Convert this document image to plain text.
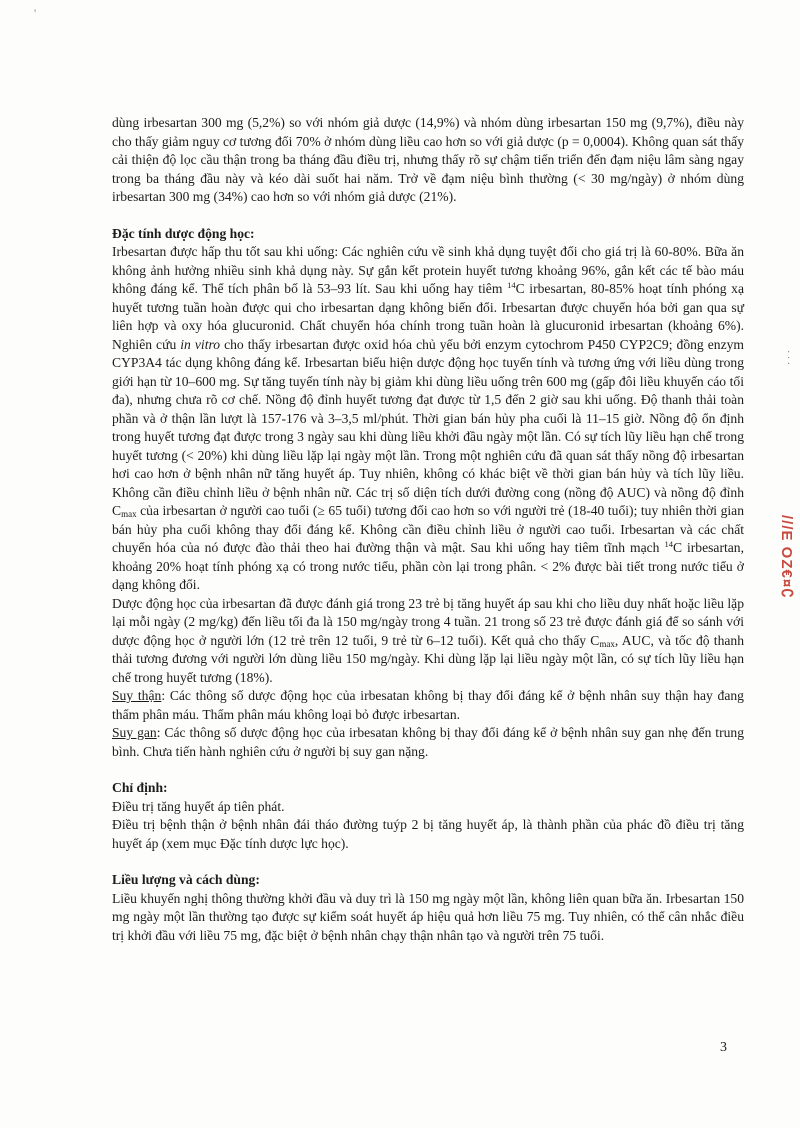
'
· · ·

dùng irbesartan 300 mg (5,2%) so với nhóm giả dược (14,9%) và nhóm dùng irbesartan 150 mg (9,7%), điều này cho thấy giảm nguy cơ tương đối 70% ở nhóm dùng liều cao hơn so với giả dược (p = 0,0004). Không quan sát thấy cải thiện độ lọc cầu thận trong ba tháng đầu điều trị, nhưng thấy rõ sự chậm tiến triển đến đạm niệu lâm sàng ngay trong ba tháng đầu này và kéo dài suốt hai năm. Trở về đạm niệu bình thường (< 30 mg/ngày) ở nhóm dùng irbesartan 300 mg (34%) cao hơn so với nhóm giả dược (21%).

Đặc tính dược động học:

Irbesartan được hấp thu tốt sau khi uống: Các nghiên cứu về sinh khả dụng tuyệt đối cho giá trị là 60-80%. Bữa ăn không ảnh hưởng nhiều sinh khả dụng này. Sự gắn kết protein huyết tương khoảng 96%, gắn kết các tế bào máu không đáng kể. Thể tích phân bố là 53–93 lít. Sau khi uống hay tiêm $^{14}$C irbesartan, 80-85% hoạt tính phóng xạ huyết tương tuần hoàn được qui cho irbesartan dạng không biến đổi. Irbesartan được chuyển hóa bởi gan qua sự liên hợp và oxy hóa glucuronid. Chất chuyển hóa chính trong tuần hoàn là glucuronid irbesartan (khoảng 6%). Nghiên cứu in vitro cho thấy irbesartan được oxid hóa chủ yếu bởi enzym cytochrom P450 CYP2C9; đồng enzym CYP3A4 tác dụng không đáng kể. Irbesartan biểu hiện dược động học tuyến tính và tương ứng với liều dùng trong giới hạn từ 10–600 mg. Sự tăng tuyến tính này bị giảm khi dùng liều uống trên 600 mg (gấp đôi liều khuyến cáo tối đa), nhưng chưa rõ cơ chế. Nồng độ đỉnh huyết tương đạt được từ 1,5 đến 2 giờ sau khi uống. Độ thanh thải toàn phần và ở thận lần lượt là 157-176 và 3–3,5 ml/phút. Thời gian bán hủy pha cuối là 11–15 giờ. Nồng độ ổn định trong huyết tương đạt được trong 3 ngày sau khi dùng liều khởi đầu ngày một lần. Có sự tích lũy liều hạn chế trong huyết tương (< 20%) khi dùng liều lặp lại ngày một lần. Trong một nghiên cứu đã quan sát thấy nồng độ irbesartan hơi cao hơn ở bệnh nhân nữ tăng huyết áp. Tuy nhiên, không có khác biệt về thời gian bán hủy và tích lũy liều. Không cần điều chỉnh liều ở bệnh nhân nữ. Các trị số diện tích dưới đường cong (nồng độ AUC) và nồng độ đỉnh $C_{max}$ của irbesartan ở người cao tuổi (≥ 65 tuổi) tương đối cao hơn so với người trẻ (18-40 tuổi); tuy nhiên thời gian bán hủy pha cuối không thay đổi đáng kể. Không cần điều chỉnh liều ở người cao tuổi. Irbesartan và các chất chuyển hóa của nó được đào thải theo hai đường thận và mật. Sau khi uống hay tiêm tĩnh mạch $^{14}$C irbesartan, khoảng 20% hoạt tính phóng xạ có trong nước tiểu, phần còn lại trong phân. < 2% được bài tiết trong nước tiểu ở dạng không đổi.

Dược động học của irbesartan đã được đánh giá trong 23 trẻ bị tăng huyết áp sau khi cho liều duy nhất hoặc liều lặp lại mỗi ngày (2 mg/kg) đến liều tối đa là 150 mg/ngày trong 4 tuần. 21 trong số 23 trẻ được đánh giá để so sánh với dược động học ở người lớn (12 trẻ trên 12 tuổi, 9 trẻ từ 6–12 tuổi). Kết quả cho thấy $C_{max}$, AUC, và tốc độ thanh thải tương đương với người lớn dùng liều 150 mg/ngày. Khi dùng lặp lại liều ngày một lần, có sự tích lũy liều hạn chế trong huyết tương (18%).

Suy thận: Các thông số dược động học của irbesatan không bị thay đổi đáng kể ở bệnh nhân suy thận hay đang thẩm phân máu. Thẩm phân máu không loại bỏ được irbesartan.

Suy gan: Các thông số dược động học của irbesatan không bị thay đổi đáng kể ở bệnh nhân suy gan nhẹ đến trung bình. Chưa tiến hành nghiên cứu ở người bị suy gan nặng.

Chỉ định:

Điều trị tăng huyết áp tiên phát.

Điều trị bệnh thận ở bệnh nhân đái tháo đường tuýp 2 bị tăng huyết áp, là thành phần của phác đồ điều trị tăng huyết áp (xem mục Đặc tính dược lực học).

Liều lượng và cách dùng:

Liều khuyến nghị thông thường khởi đầu và duy trì là 150 mg ngày một lần, không liên quan bữa ăn. Irbesartan 150 mg ngày một lần thường tạo được sự kiểm soát huyết áp hiệu quả hơn liều 75 mg. Tuy nhiên, có thể cân nhắc điều trị khởi đầu với liều 75 mg, đặc biệt ở bệnh nhân chạy thận nhân tạo và người trên 75 tuổi.

///E OZ€¤∁
3
